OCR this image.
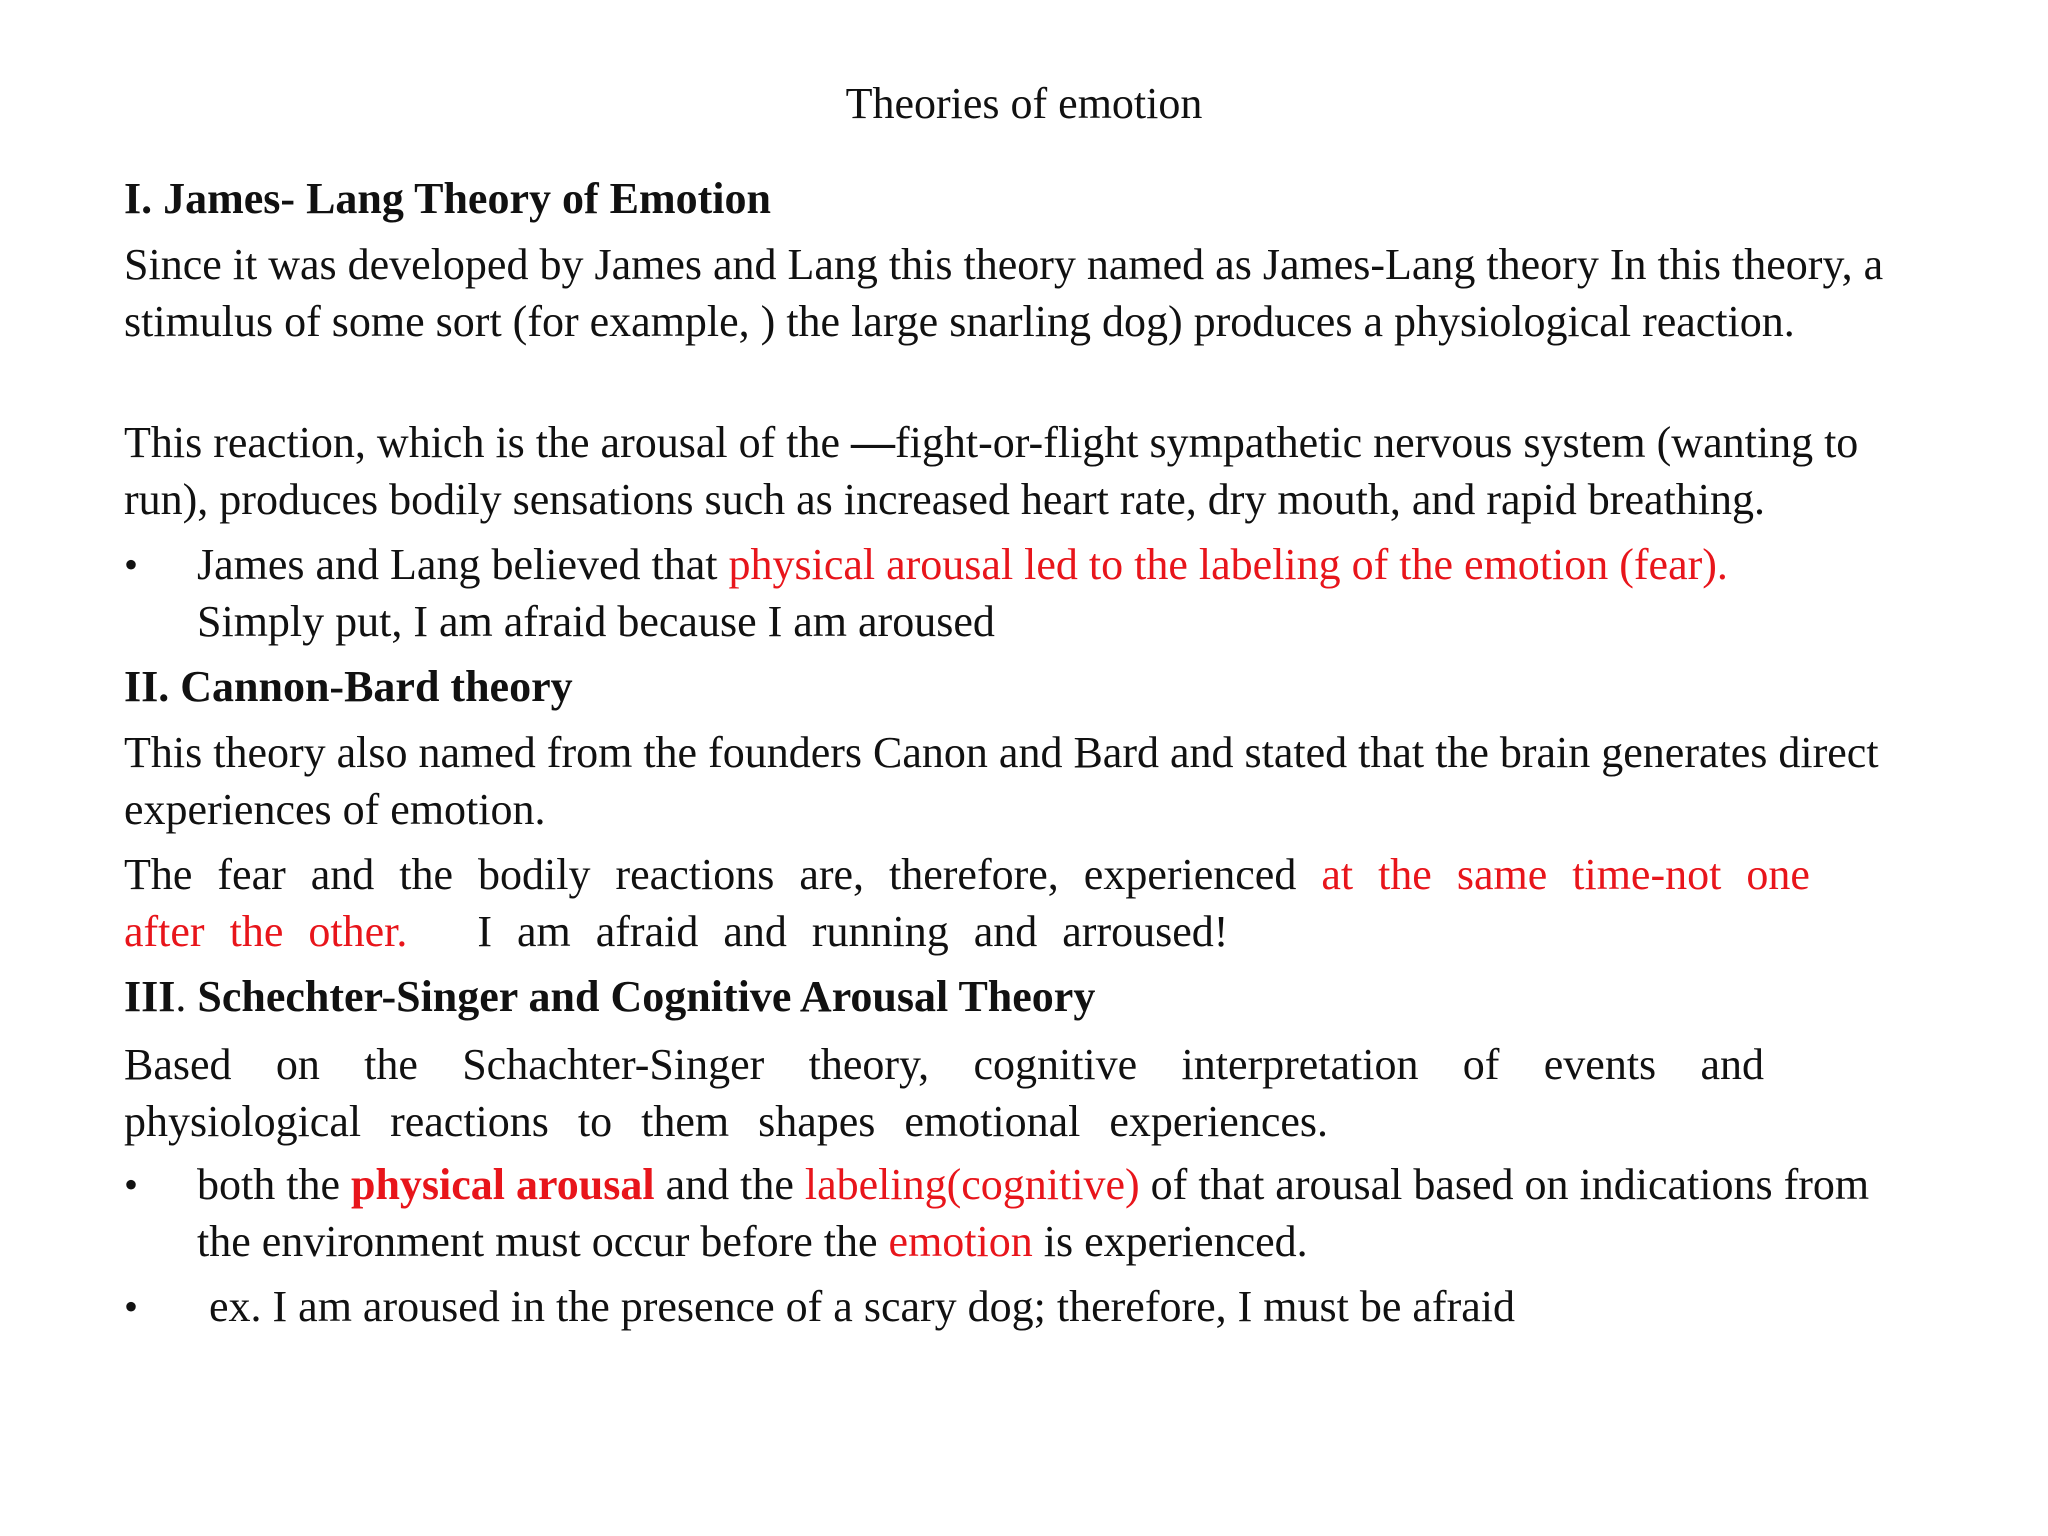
Theories of emotion
I. James- Lang Theory of Emotion
Since it was developed by James and Lang this theory named as James-Lang theory In this theory, a stimulus of some sort (for example, ) the large snarling dog) produces a physiological reaction.
This reaction, which is the arousal of the —fight-or-flight sympathetic nervous system (wanting to run), produces bodily sensations such as increased heart rate, dry mouth, and rapid breathing.
• James and Lang believed that physical arousal led to the labeling of the emotion (fear).
Simply put, I am afraid because I am aroused
II. Cannon-Bard theory
This theory also named from the founders Canon and Bard and stated that the brain generates direct experiences of emotion.
The fear and the bodily reactions are, therefore, experienced at the same time-not one after the other. I am afraid and running and arroused!
III. Schechter-Singer and Cognitive Arousal Theory
Based on the Schachter-Singer theory, cognitive interpretation of events and physiological reactions to them shapes emotional experiences.
• both the physical arousal and the labeling(cognitive) of that arousal based on indications from the environment must occur before the emotion is experienced.
• ex. I am aroused in the presence of a scary dog; therefore, I must be afraid
